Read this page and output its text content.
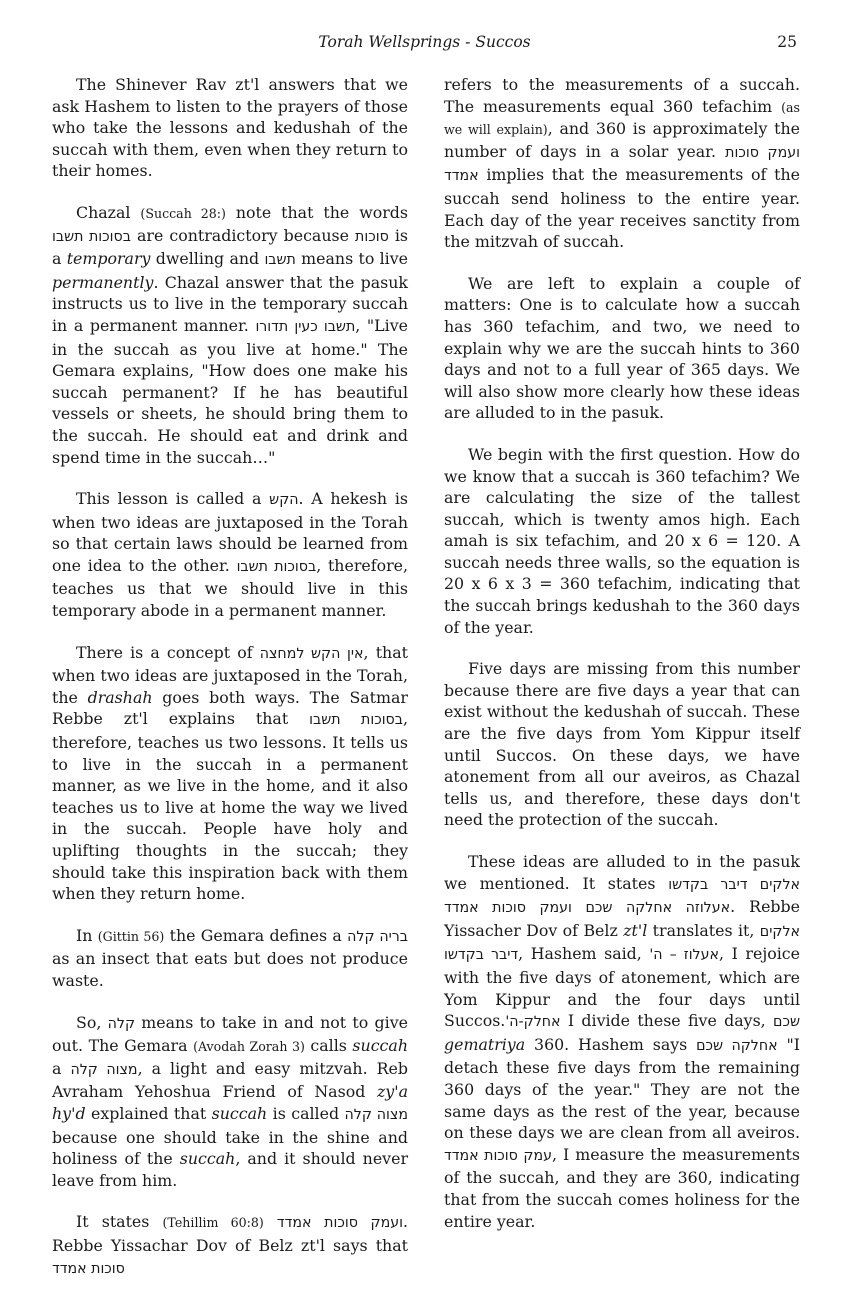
Torah Wellsprings - Succos	25

The Shinever Rav zt'l answers that we ask Hashem to listen to the prayers of those who take the lessons and kedushah of the succah with them, even when they return to their homes.

Chazal (Succah 28:) note that the words בסוכות תשבו are contradictory because סוכות is a temporary dwelling and תשבו means to live permanently. Chazal answer that the pasuk instructs us to live in the temporary succah in a permanent manner. תשבו כעין תדורו, "Live in the succah as you live at home." The Gemara explains, "How does one make his succah permanent? If he has beautiful vessels or sheets, he should bring them to the succah. He should eat and drink and spend time in the succah…"

This lesson is called a הקש. A hekesh is when two ideas are juxtaposed in the Torah so that certain laws should be learned from one idea to the other. בסוכות תשבו, therefore, teaches us that we should live in this temporary abode in a permanent manner.

There is a concept of אין הקש למחצה, that when two ideas are juxtaposed in the Torah, the drashah goes both ways. The Satmar Rebbe zt'l explains that בסוכות תשבו, therefore, teaches us two lessons. It tells us to live in the succah in a permanent manner, as we live in the home, and it also teaches us to live at home the way we lived in the succah. People have holy and uplifting thoughts in the succah; they should take this inspiration back with them when they return home.

In (Gittin 56) the Gemara defines a בריה קלה as an insect that eats but does not produce waste.

So, קלה means to take in and not to give out. The Gemara (Avodah Zorah 3) calls succah a מצוה קלה, a light and easy mitzvah. Reb Avraham Yehoshua Friend of Nasod zy'a hy'd explained that succah is called מצוה קלה because one should take in the shine and holiness of the succah, and it should never leave from him.

It states (Tehillim 60:8) ועמק סוכות אמדד. Rebbe Yissachar Dov of Belz zt'l says that סוכות אמדד

refers to the measurements of a succah. The measurements equal 360 tefachim (as we will explain), and 360 is approximately the number of days in a solar year. ועמק סוכות אמדד implies that the measurements of the succah send holiness to the entire year. Each day of the year receives sanctity from the mitzvah of succah.

We are left to explain a couple of matters: One is to calculate how a succah has 360 tefachim, and two, we need to explain why we are the succah hints to 360 days and not to a full year of 365 days. We will also show more clearly how these ideas are alluded to in the pasuk.

We begin with the first question. How do we know that a succah is 360 tefachim? We are calculating the size of the tallest succah, which is twenty amos high. Each amah is six tefachim, and 20 x 6 = 120. A succah needs three walls, so the equation is 20 x 6 x 3 = 360 tefachim, indicating that the succah brings kedushah to the 360 days of the year.

Five days are missing from this number because there are five days a year that can exist without the kedushah of succah. These are the five days from Yom Kippur itself until Succos. On these days, we have atonement from all our aveiros, as Chazal tells us, and therefore, these days don't need the protection of the succah.

These ideas are alluded to in the pasuk we mentioned. It states אלקים דיבר בקדשו אעלוזה אחלקה שכם ועמק סוכות אמדד. Rebbe Yissacher Dov of Belz zt'l translates it, אלקים דיבר בקדשו, Hashem said, אעלוז – ה', I rejoice with the five days of atonement, which are Yom Kippur and the four days until Succos.אחלק-ה' I divide these five days, שכם gematriya 360. Hashem says אחלקה שכם "I detach these five days from the remaining 360 days of the year." They are not the same days as the rest of the year, because on these days we are clean from all aveiros. עמק סוכות אמדד, I measure the measurements of the succah, and they are 360, indicating that from the succah comes holiness for the entire year.
